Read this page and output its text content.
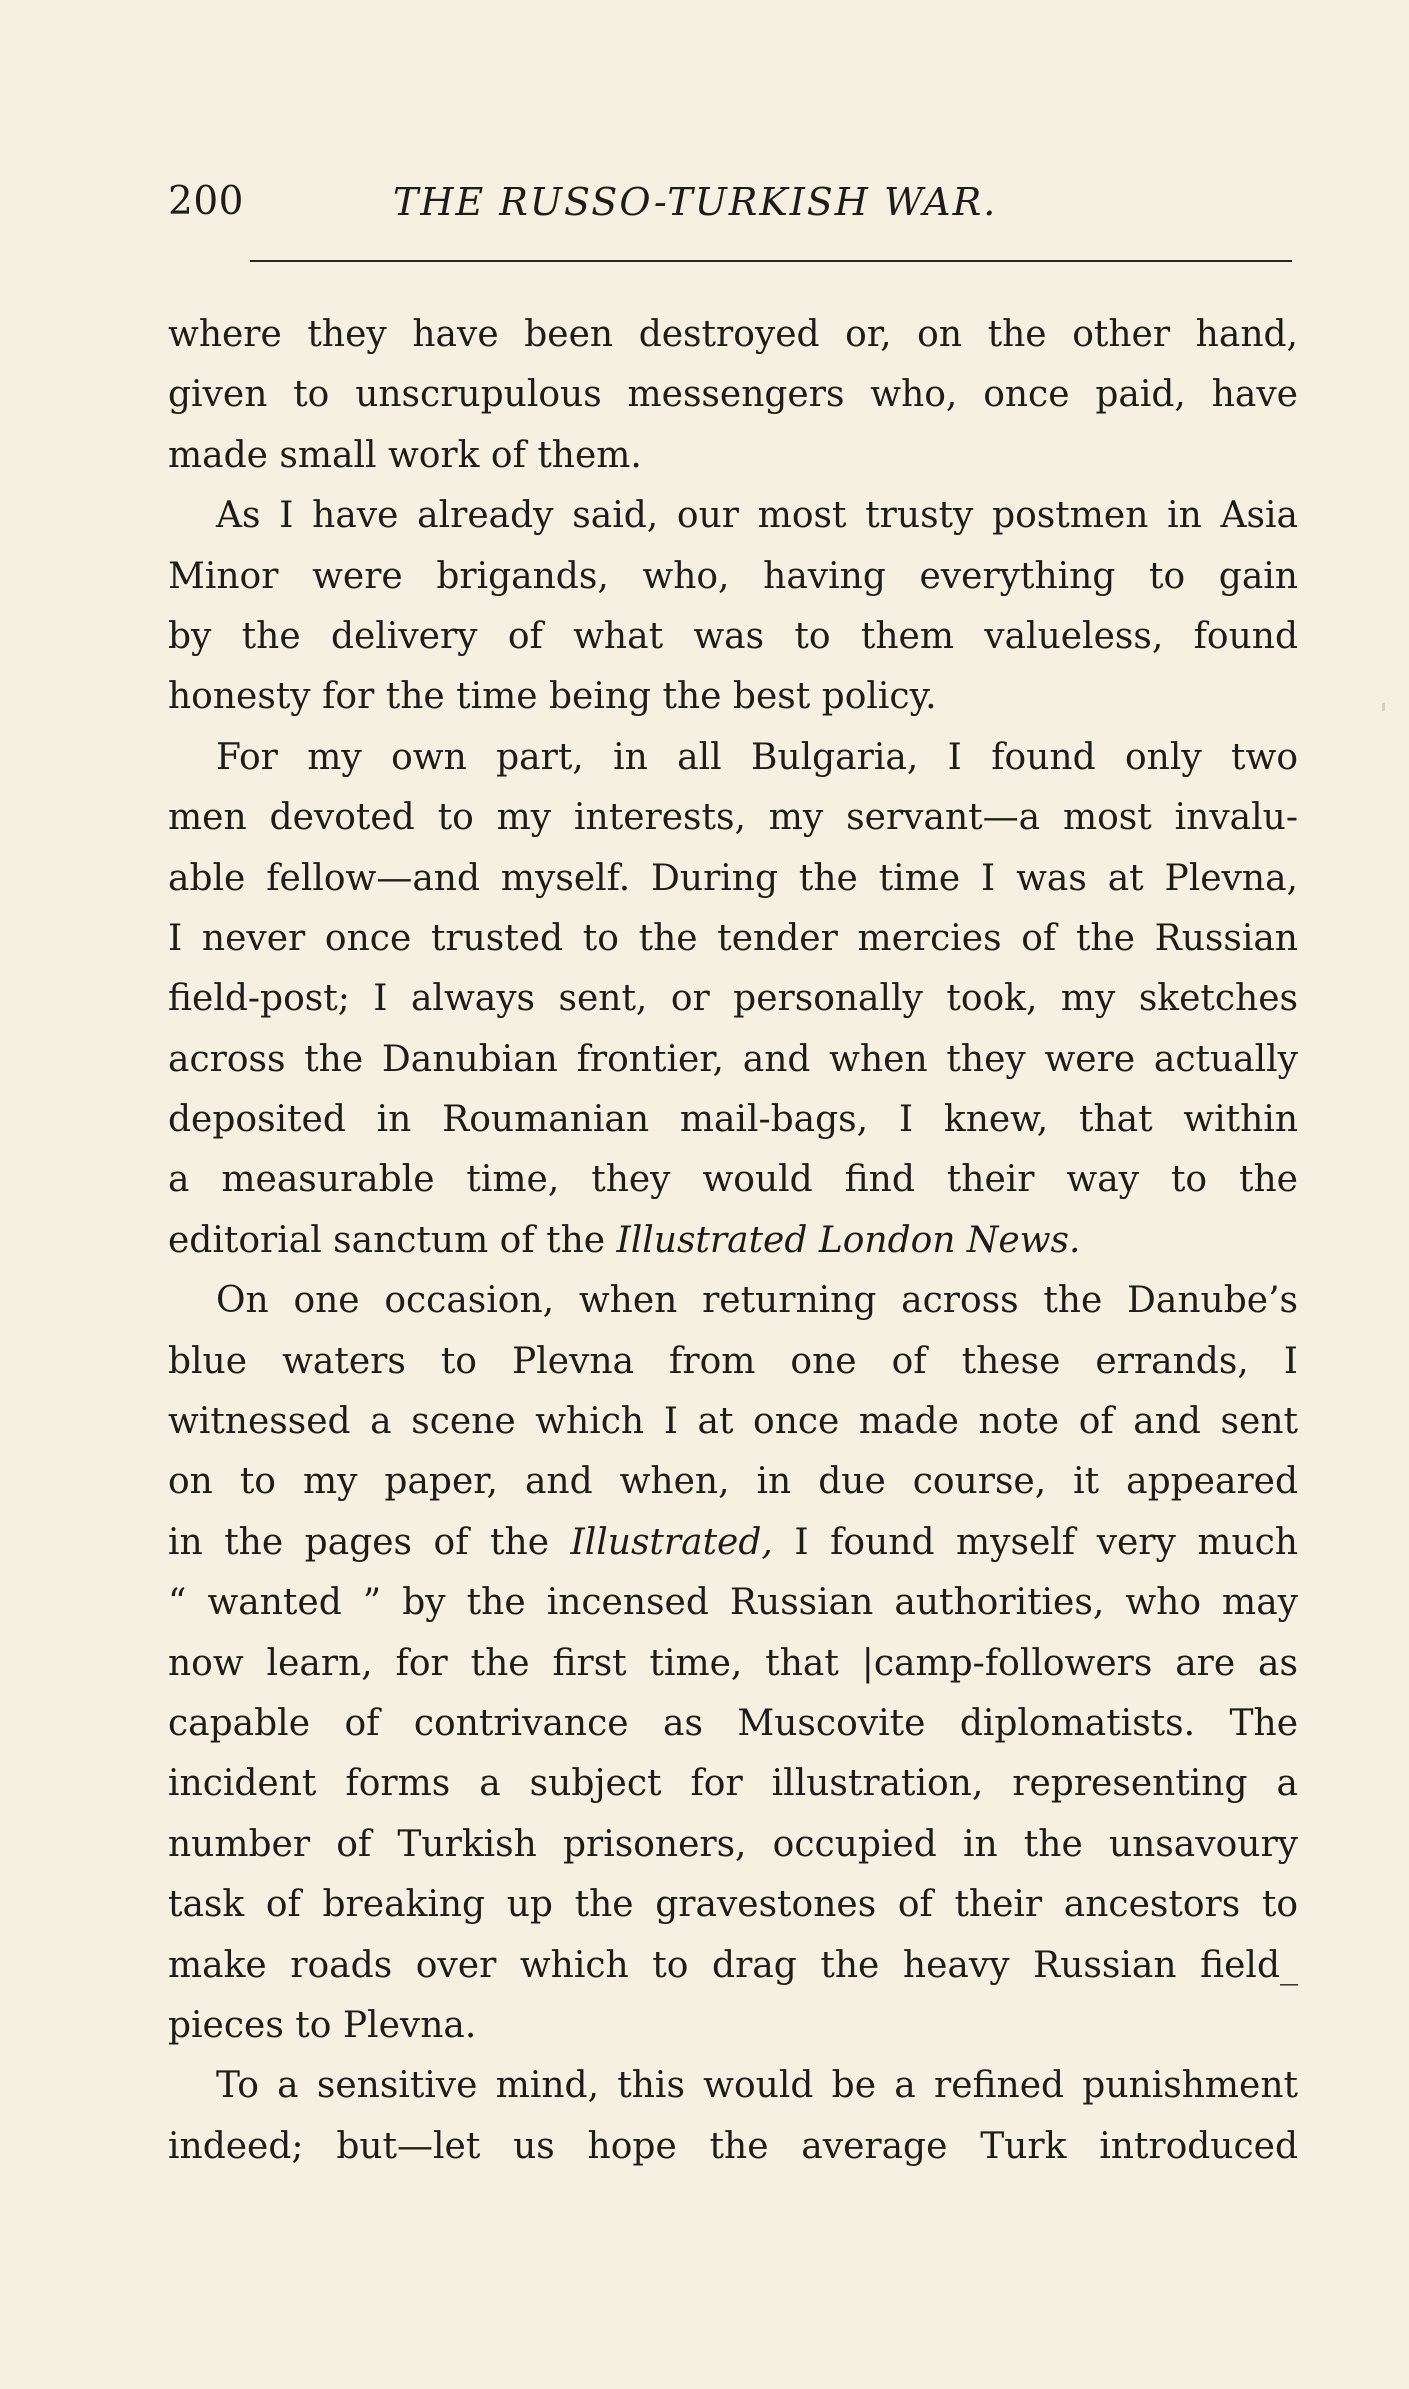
200	THE RUSSO-TURKISH WAR.
where they have been destroyed or, on the other hand,
given to unscrupulous messengers who, once paid, have
made small work of them.
As I have already said, our most trusty postmen in Asia
Minor were brigands, who, having everything to gain
by the delivery of what was to them valueless, found
honesty for the time being the best policy.
For my own part, in all Bulgaria, I found only two
men devoted to my interests, my servant—a most invalu-
able fellow—and myself. During the time I was at Plevna,
I never once trusted to the tender mercies of the Russian
field-post; I always sent, or personally took, my sketches
across the Danubian frontier, and when they were actually
deposited in Roumanian mail-bags, I knew, that within
a measurable time, they would find their way to the
editorial sanctum of the Illustrated London News.
On one occasion, when returning across the Danube’s
blue waters to Plevna from one of these errands, I
witnessed a scene which I at once made note of and sent
on to my paper, and when, in due course, it appeared
in the pages of the Illustrated, I found myself very much
“ wanted ” by the incensed Russian authorities, who may
now learn, for the first time, that |camp-followers are as
capable of contrivance as Muscovite diplomatists. The
incident forms a subject for illustration, representing a
number of Turkish prisoners, occupied in the unsavoury
task of breaking up the gravestones of their ancestors to
make roads over which to drag the heavy Russian field_
pieces to Plevna.
To a sensitive mind, this would be a refined punishment
indeed; but—let us hope the average Turk introduced
